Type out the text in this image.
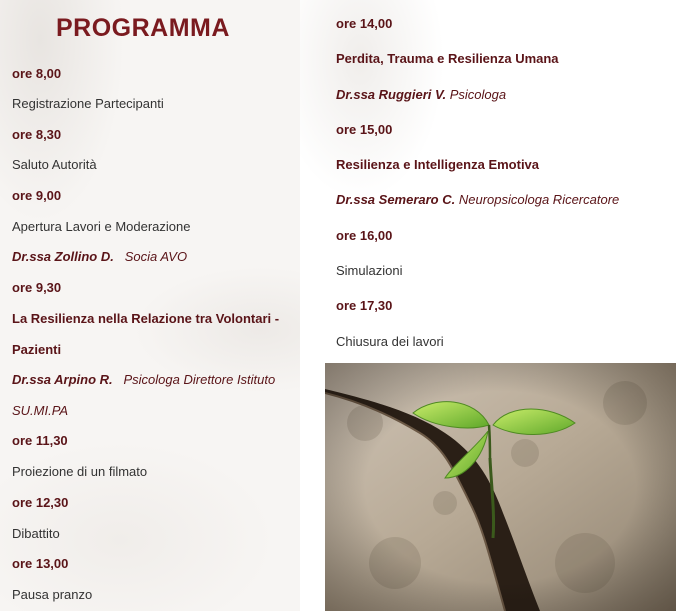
PROGRAMMA
ore 8,00
Registrazione Partecipanti
ore 8,30
Saluto Autorità
ore 9,00
Apertura Lavori e Moderazione
Dr.ssa Zollino D. Socia AVO
ore 9,30
La Resilienza nella Relazione tra Volontari -
Pazienti
Dr.ssa Arpino R. Psicologa Direttore Istituto
SU.MI.PA
ore 11,30
Proiezione di un filmato
ore 12,30
Dibattito
ore 13,00
Pausa pranzo
ore 14,00
Perdita, Trauma e Resilienza Umana
Dr.ssa Ruggieri V. Psicologa
ore 15,00
Resilienza e Intelligenza Emotiva
Dr.ssa Semeraro C. Neuropsicologa Ricercatore
ore 16,00
Simulazioni
ore 17,30
Chiusura dei lavori
